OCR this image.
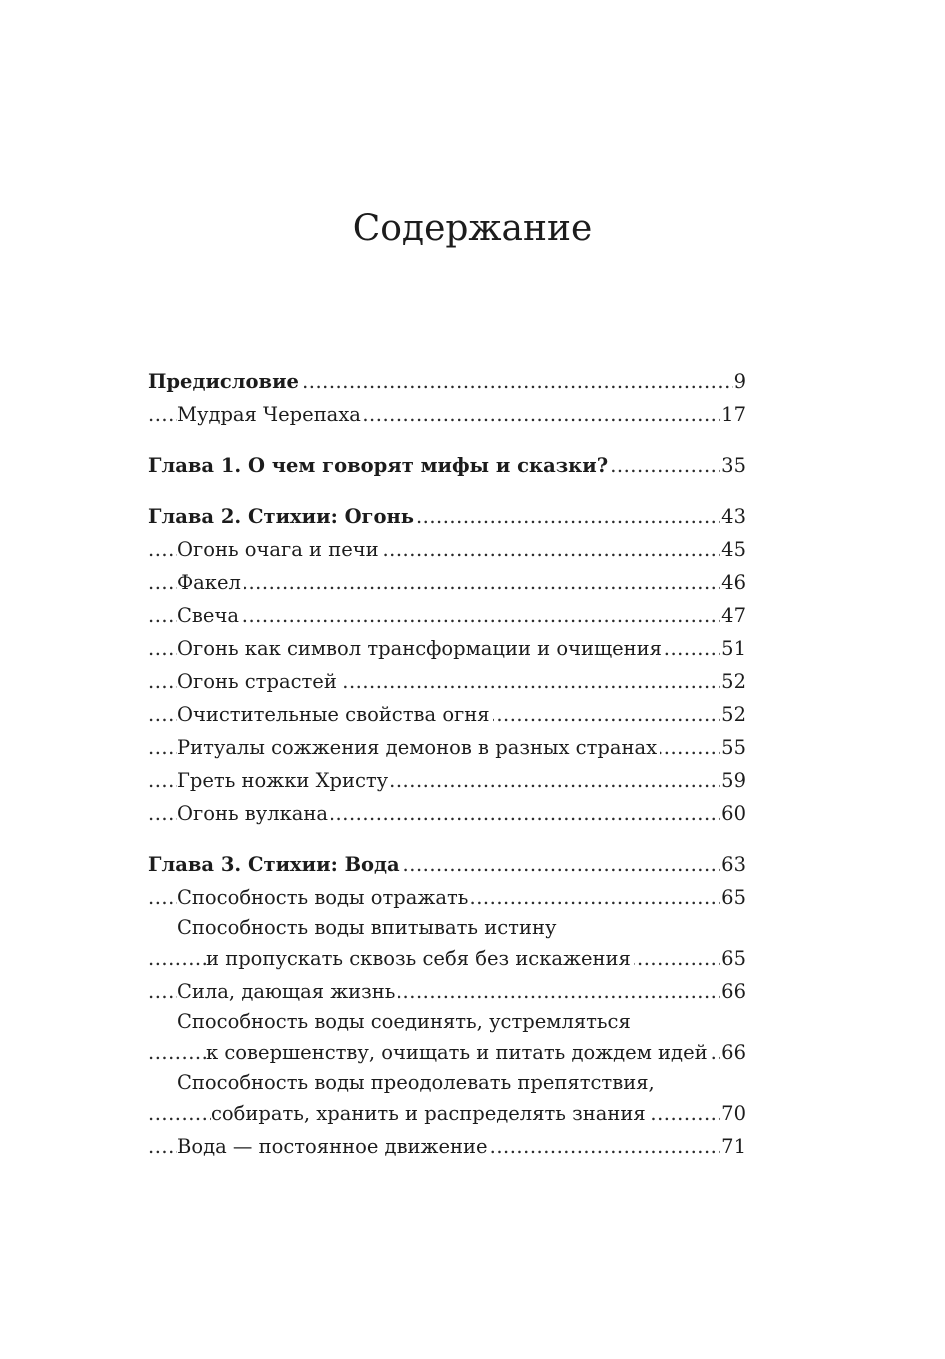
Содержание
.....
Предисловие	9
.....
Мудрая Черепаха	17
.....
Глава 1. О чем говорят мифы и сказки?	35
.....
Глава 2. Стихии: Огонь	43
.....
Огонь очага и печи	45
.....
Факел	46
.....
Свеча	47
.....
Огонь как символ трансформации и очищения	51
.....
Огонь страстей	52
.....
Очистительные свойства огня	52
.....
Ритуалы сожжения демонов в разных странах	55
.....
Греть ножки Христу	59
.....
Огонь вулкана	60
.....
Глава 3. Стихии: Вода	63
.....
Способность воды отражать	65
Способность воды впитывать истину
.....
и пропускать сквозь себя без искажения	65
.....
Сила, дающая жизнь	66
Способность воды соединять, устремляться
.....
к совершенству, очищать и питать дождем идей 66
Способность воды преодолевать препятствия,
.....
собирать, хранить и распределять знания	70
.....
Вода — постоянное движение	71
